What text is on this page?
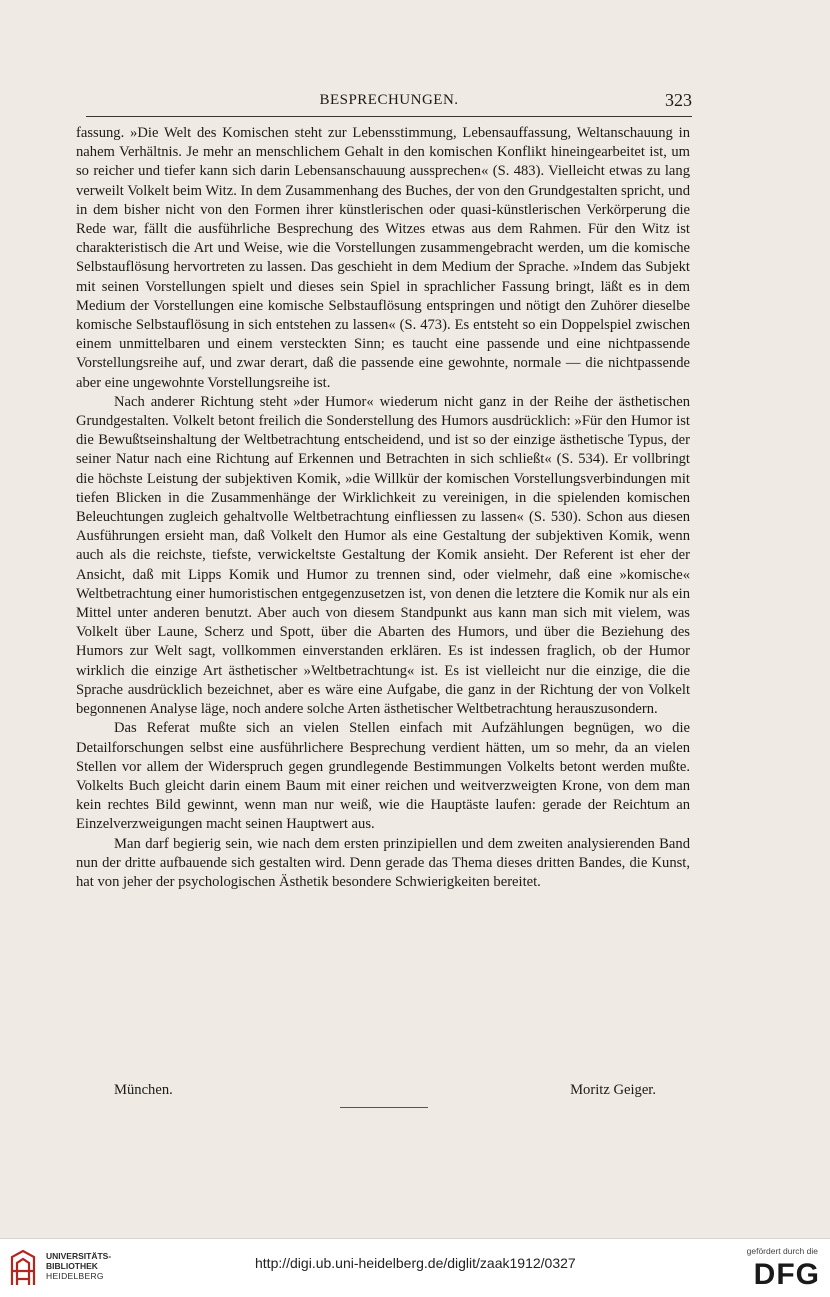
BESPRECHUNGEN.	323

fassung. »Die Welt des Komischen steht zur Lebensstimmung, Lebensauffassung, Weltanschauung in nahem Verhältnis. Je mehr an menschlichem Gehalt in den komischen Konflikt hineingearbeitet ist, um so reicher und tiefer kann sich darin Lebensanschauung aussprechen« (S. 483). Vielleicht etwas zu lang verweilt Volkelt beim Witz. In dem Zusammenhang des Buches, der von den Grundgestalten spricht, und in dem bisher nicht von den Formen ihrer künstlerischen oder quasi-künstlerischen Verkörperung die Rede war, fällt die ausführliche Besprechung des Witzes etwas aus dem Rahmen. Für den Witz ist charakteristisch die Art und Weise, wie die Vorstellungen zusammengebracht werden, um die komische Selbstauflösung hervortreten zu lassen. Das geschieht in dem Medium der Sprache. »Indem das Subjekt mit seinen Vorstellungen spielt und dieses sein Spiel in sprachlicher Fassung bringt, läßt es in dem Medium der Vorstellungen eine komische Selbstauflösung entspringen und nötigt den Zuhörer dieselbe komische Selbstauflösung in sich entstehen zu lassen« (S. 473). Es entsteht so ein Doppelspiel zwischen einem unmittelbaren und einem versteckten Sinn; es taucht eine passende und eine nichtpassende Vorstellungsreihe auf, und zwar derart, daß die passende eine gewohnte, normale — die nichtpassende aber eine ungewohnte Vorstellungsreihe ist.

Nach anderer Richtung steht »der Humor« wiederum nicht ganz in der Reihe der ästhetischen Grundgestalten. Volkelt betont freilich die Sonderstellung des Humors ausdrücklich: »Für den Humor ist die Bewußtseinshaltung der Weltbetrachtung entscheidend, und ist so der einzige ästhetische Typus, der seiner Natur nach eine Richtung auf Erkennen und Betrachten in sich schließt« (S. 534). Er vollbringt die höchste Leistung der subjektiven Komik, »die Willkür der komischen Vorstellungsverbindungen mit tiefen Blicken in die Zusammenhänge der Wirklichkeit zu vereinigen, in die spielenden komischen Beleuchtungen zugleich gehaltvolle Weltbetrachtung einfliessen zu lassen« (S. 530). Schon aus diesen Ausführungen ersieht man, daß Volkelt den Humor als eine Gestaltung der subjektiven Komik, wenn auch als die reichste, tiefste, verwickeltste Gestaltung der Komik ansieht. Der Referent ist eher der Ansicht, daß mit Lipps Komik und Humor zu trennen sind, oder vielmehr, daß eine »komische« Weltbetrachtung einer humoristischen entgegenzusetzen ist, von denen die letztere die Komik nur als ein Mittel unter anderen benutzt. Aber auch von diesem Standpunkt aus kann man sich mit vielem, was Volkelt über Laune, Scherz und Spott, über die Abarten des Humors, und über die Beziehung des Humors zur Welt sagt, vollkommen einverstanden erklären. Es ist indessen fraglich, ob der Humor wirklich die einzige Art ästhetischer »Weltbetrachtung« ist. Es ist vielleicht nur die einzige, die die Sprache ausdrücklich bezeichnet, aber es wäre eine Aufgabe, die ganz in der Richtung der von Volkelt begonnenen Analyse läge, noch andere solche Arten ästhetischer Weltbetrachtung herauszusondern.

Das Referat mußte sich an vielen Stellen einfach mit Aufzählungen begnügen, wo die Detailforschungen selbst eine ausführlichere Besprechung verdient hätten, um so mehr, da an vielen Stellen vor allem der Widerspruch gegen grundlegende Bestimmungen Volkelts betont werden mußte. Volkelts Buch gleicht darin einem Baum mit einer reichen und weitverzweigten Krone, von dem man kein rechtes Bild gewinnt, wenn man nur weiß, wie die Hauptäste laufen: gerade der Reichtum an Einzelverzweigungen macht seinen Hauptwert aus.

Man darf begierig sein, wie nach dem ersten prinzipiellen und dem zweiten analysierenden Band nun der dritte aufbauende sich gestalten wird. Denn gerade das Thema dieses dritten Bandes, die Kunst, hat von jeher der psychologischen Ästhetik besondere Schwierigkeiten bereitet.

München.	Moritz Geiger.
UNIVERSITÄTS-
BIBLIOTHEK
HEIDELBERG
http://digi.ub.uni-heidelberg.de/diglit/zaak1912/0327
gefördert durch die
DFG
